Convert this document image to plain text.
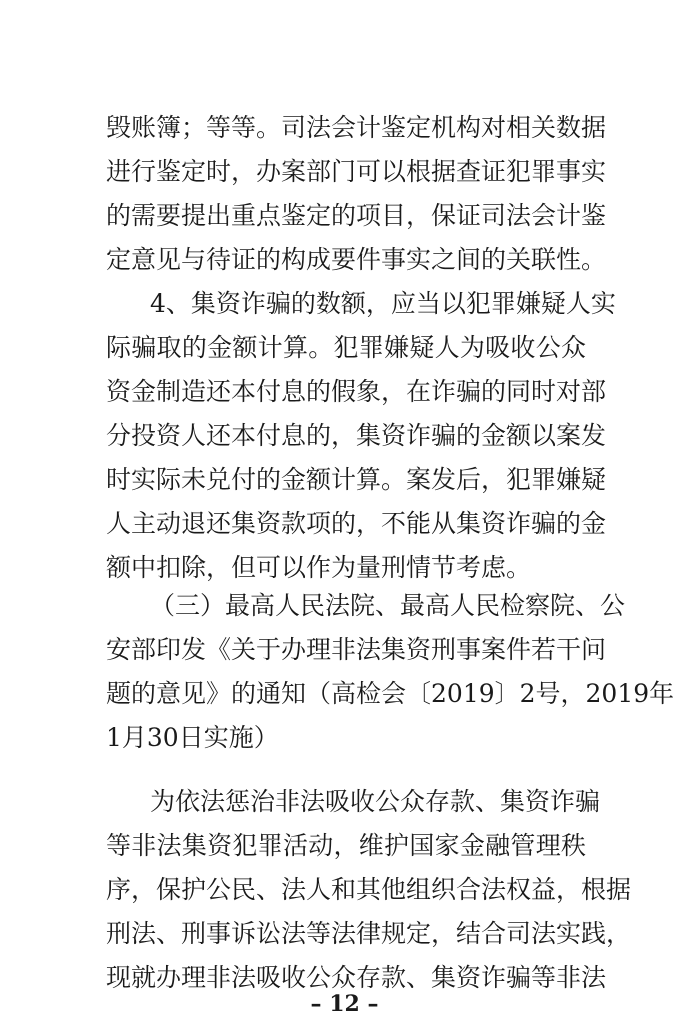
毁账簿；等等。司法会计鉴定机构对相关数据
进行鉴定时，办案部门可以根据查证犯罪事实
的需要提出重点鉴定的项目，保证司法会计鉴
定意见与待证的构成要件事实之间的关联性。
4、集资诈骗的数额，应当以犯罪嫌疑人实
际骗取的金额计算。犯罪嫌疑人为吸收公众
资金制造还本付息的假象，在诈骗的同时对部
分投资人还本付息的，集资诈骗的金额以案发
时实际未兑付的金额计算。案发后，犯罪嫌疑
人主动退还集资款项的，不能从集资诈骗的金
额中扣除，但可以作为量刑情节考虑。
（三）最高人民法院、最高人民检察院、公
安部印发《关于办理非法集资刑事案件若干问
题的意见》的通知（高检会〔2019〕2号，2019年
1月30日实施）
为依法惩治非法吸收公众存款、集资诈骗
等非法集资犯罪活动，维护国家金融管理秩
序，保护公民、法人和其他组织合法权益，根据
刑法、刑事诉讼法等法律规定，结合司法实践，
现就办理非法吸收公众存款、集资诈骗等非法
– 12 –
